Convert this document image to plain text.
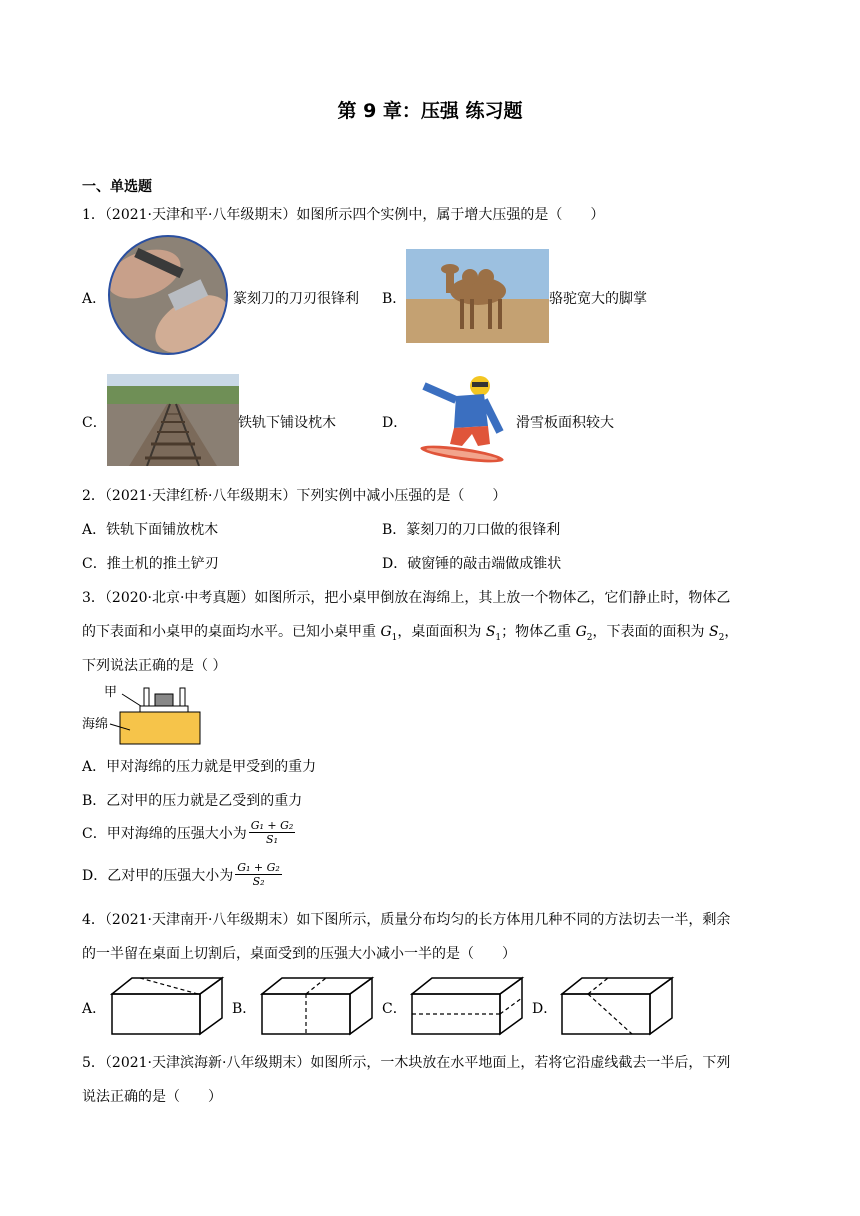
第 9 章：压强 练习题
一、单选题
1．（2021·天津和平·八年级期末）如图所示四个实例中，属于增大压强的是（　　）
A．	篆刻刀的刀刃很锋利 B．	骆驼宽大的脚掌
C．	铁轨下铺设枕木	D．	滑雪板面积较大
2．（2021·天津红桥·八年级期末）下列实例中减小压强的是（　　）
A．铁轨下面铺放枕木	B．篆刻刀的刀口做的很锋利
C．推土机的推土铲刃	D．破窗锤的敲击端做成锥状
3．（2020·北京·中考真题）如图所示，把小桌甲倒放在海绵上，其上放一个物体乙，它们静止时，物体乙
的下表面和小桌甲的桌面均水平。已知小桌甲重 $G_1$，桌面面积为 $S_1$；物体乙重 $G_2$，下表面的面积为 $S_2$，
下列说法正确的是（ ）
甲
海绵
A．甲对海绵的压力就是甲受到的重力
B．乙对甲的压力就是乙受到的重力
C．甲对海绵的压强大小为 $\frac{\text{G₁ + G₂}}{\text{S₁}}$
D．乙对甲的压强大小为 $\frac{\text{G₁ + G₂}}{\text{S₂}}$
4．（2021·天津南开·八年级期末）如下图所示，质量分布均匀的长方体用几种不同的方法切去一半，剩余
的一半留在桌面上切割后，桌面受到的压强大小减小一半的是（　　）
A．	B．	C．	D．
5．（2021·天津滨海新·八年级期末）如图所示，一木块放在水平地面上，若将它沿虚线截去一半后，下列
说法正确的是（　　）
